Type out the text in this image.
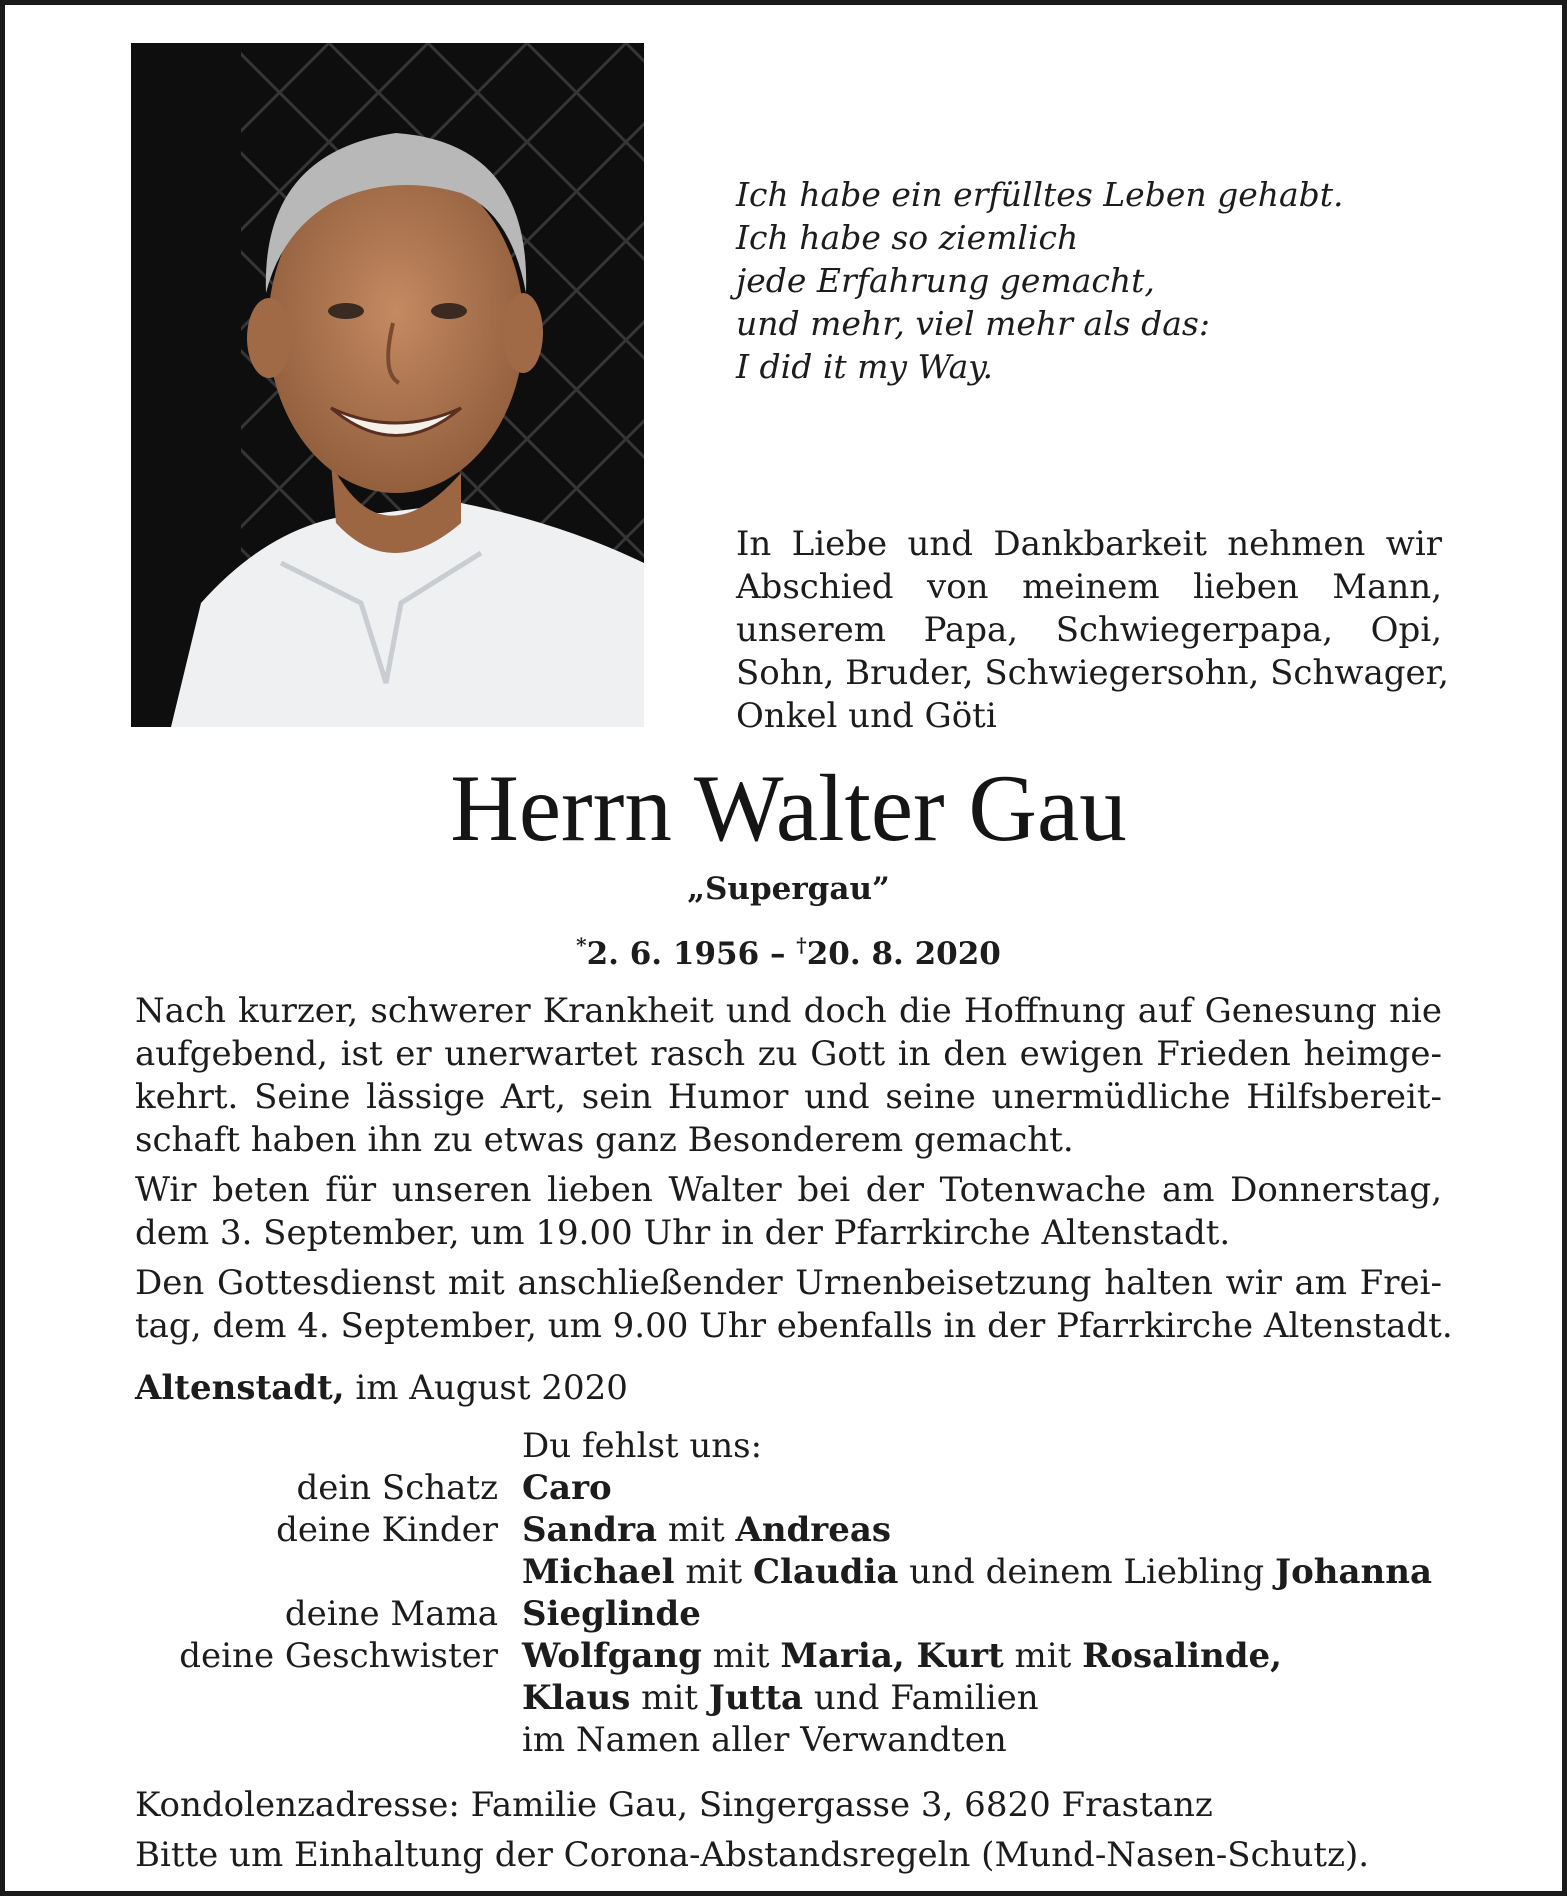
Ich habe ein erfülltes Leben gehabt.
Ich habe so ziemlich
jede Erfahrung gemacht,
und mehr, viel mehr als das:
I did it my Way.
In Liebe und Dankbarkeit nehmen wir
Abschied von meinem lieben Mann,
unserem Papa, Schwiegerpapa, Opi,
Sohn, Bruder, Schwiegersohn, Schwager,
Onkel und Göti
Herrn Walter Gau
„Supergau”
*2. 6. 1956 – †20. 8. 2020

Nach kurzer, schwerer Krankheit und doch die Hoffnung auf Genesung nie
aufgebend, ist er unerwartet rasch zu Gott in den ewigen Frieden heimge-
kehrt. Seine lässige Art, sein Humor und seine unermüdliche Hilfsbereit-
schaft haben ihn zu etwas ganz Besonderem gemacht.

Wir beten für unseren lieben Walter bei der Totenwache am Donnerstag,
dem 3. September, um 19.00 Uhr in der Pfarrkirche Altenstadt.

Den Gottesdienst mit anschließender Urnenbeisetzung halten wir am Frei-
tag, dem 4. September, um 9.00 Uhr ebenfalls in der Pfarrkirche Altenstadt.

Altenstadt, im August 2020
Du fehlst uns:
dein Schatz Caro
deine Kinder Sandra mit Andreas
Michael mit Claudia und deinem Liebling Johanna
deine Mama Sieglinde
deine Geschwister Wolfgang mit Maria, Kurt mit Rosalinde,
Klaus mit Jutta und Familien
im Namen aller Verwandten
Kondolenzadresse: Familie Gau, Singergasse 3, 6820 Frastanz
Bitte um Einhaltung der Corona-Abstandsregeln (Mund-Nasen-Schutz).
